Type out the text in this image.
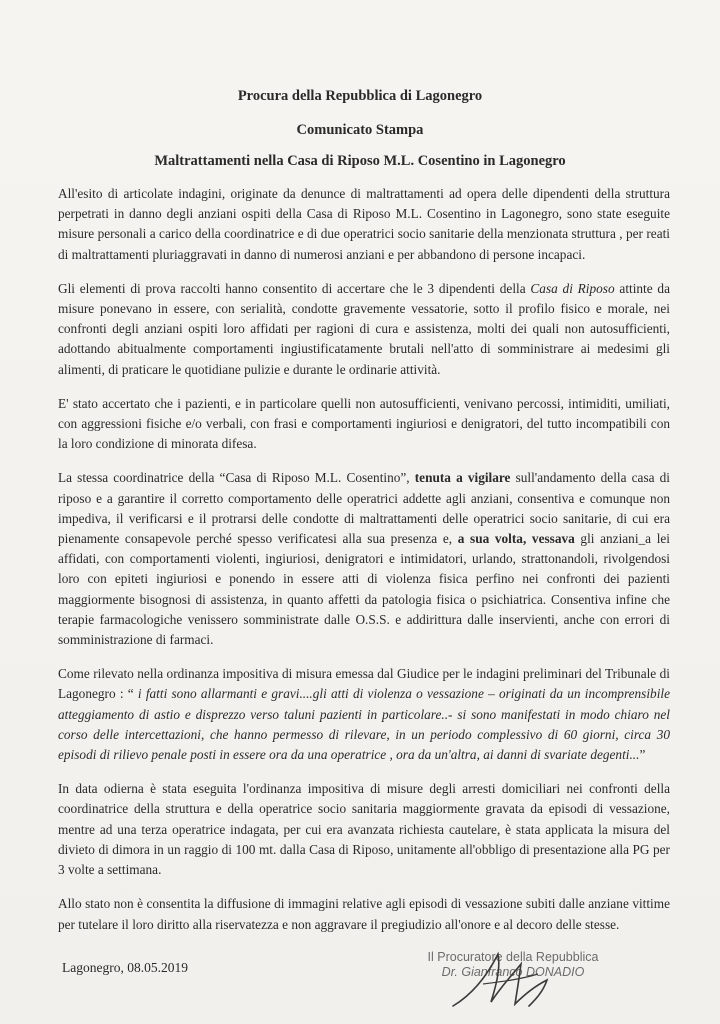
Procura della Repubblica di Lagonegro
Comunicato Stampa
Maltrattamenti nella Casa di Riposo M.L. Cosentino in Lagonegro

All'esito di articolate indagini, originate da denunce di maltrattamenti ad opera delle dipendenti della struttura perpetrati in danno degli anziani ospiti della Casa di Riposo M.L. Cosentino in Lagonegro, sono state eseguite misure personali a carico della coordinatrice e di due operatrici socio sanitarie della menzionata struttura , per reati di maltrattamenti pluriaggravati in danno di numerosi anziani e per abbandono di persone incapaci.

Gli elementi di prova raccolti hanno consentito di accertare che le 3 dipendenti della Casa di Riposo attinte da misure ponevano in essere, con serialità, condotte gravemente vessatorie, sotto il profilo fisico e morale, nei confronti degli anziani ospiti loro affidati per ragioni di cura e assistenza, molti dei quali non autosufficienti, adottando abitualmente comportamenti ingiustificatamente brutali nell'atto di somministrare ai medesimi gli alimenti, di praticare le quotidiane pulizie e durante le ordinarie attività.

E' stato accertato che i pazienti, e in particolare quelli non autosufficienti, venivano percossi, intimiditi, umiliati, con aggressioni fisiche e/o verbali, con frasi e comportamenti ingiuriosi e denigratori, del tutto incompatibili con la loro condizione di minorata difesa.

La stessa coordinatrice della “Casa di Riposo M.L. Cosentino”, tenuta a vigilare sull'andamento della casa di riposo e a garantire il corretto comportamento delle operatrici addette agli anziani, consentiva e comunque non impediva, il verificarsi e il protrarsi delle condotte di maltrattamenti delle operatrici socio sanitarie, di cui era pienamente consapevole perché spesso verificatesi alla sua presenza e, a sua volta, vessava gli anziani_a lei affidati, con comportamenti violenti, ingiuriosi, denigratori e intimidatori, urlando, strattonandoli, rivolgendosi loro con epiteti ingiuriosi e ponendo in essere atti di violenza fisica perfino nei confronti dei pazienti maggiormente bisognosi di assistenza, in quanto affetti da patologia fisica o psichiatrica. Consentiva infine che terapie farmacologiche venissero somministrate dalle O.S.S. e addirittura dalle inservienti, anche con errori di somministrazione di farmaci.

Come rilevato nella ordinanza impositiva di misura emessa dal Giudice per le indagini preliminari del Tribunale di Lagonegro : “ i fatti sono allarmanti e gravi....gli atti di violenza o vessazione – originati da un incomprensibile atteggiamento di astio e disprezzo verso taluni pazienti in particolare..- si sono manifestati in modo chiaro nel corso delle intercettazioni, che hanno permesso di rilevare, in un periodo complessivo di 60 giorni, circa 30 episodi di rilievo penale posti in essere ora da una operatrice , ora da un'altra, ai danni di svariate degenti...”

In data odierna è stata eseguita l'ordinanza impositiva di misure degli arresti domiciliari nei confronti della coordinatrice della struttura e della operatrice socio sanitaria maggiormente gravata da episodi di vessazione, mentre ad una terza operatrice indagata, per cui era avanzata richiesta cautelare, è stata applicata la misura del divieto di dimora in un raggio di 100 mt. dalla Casa di Riposo, unitamente all'obbligo di presentazione alla PG per 3 volte a settimana.

Allo stato non è consentita la diffusione di immagini relative agli episodi di vessazione subiti dalle anziane vittime per tutelare il loro diritto alla riservatezza e non aggravare il pregiudizio all'onore e al decoro delle stesse.

Lagonegro, 08.05.2019
Il Procuratore della Repubblica
Dr. Gianfranco DONADIO
